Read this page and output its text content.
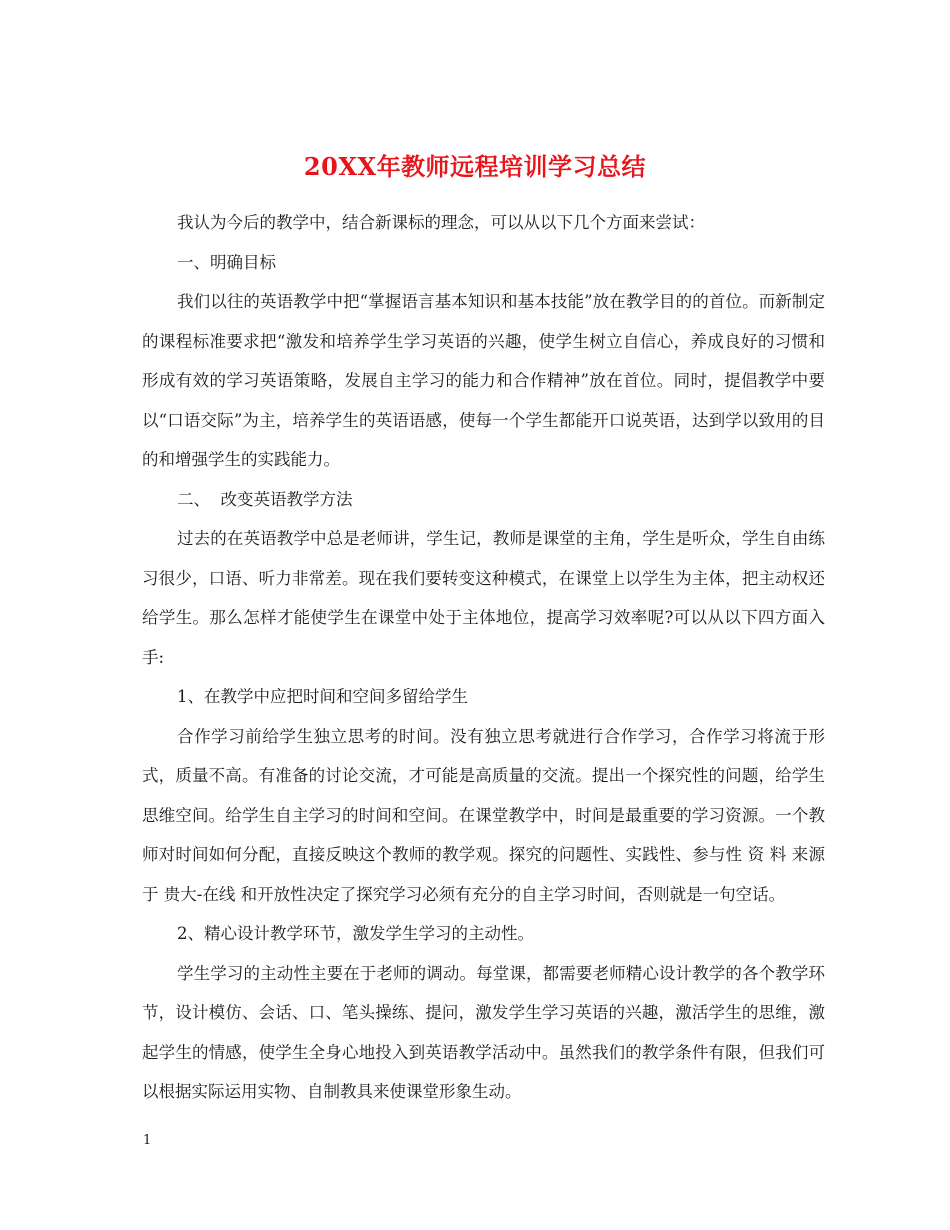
20XX年教师远程培训学习总结

我认为今后的教学中，结合新课标的理念，可以从以下几个方面来尝试：

一、明确目标

我们以往的英语教学中把“掌握语言基本知识和基本技能”放在教学目的的首位。而新制定的课程标准要求把“激发和培养学生学习英语的兴趣，使学生树立自信心，养成良好的习惯和形成有效的学习英语策略，发展自主学习的能力和合作精神”放在首位。同时，提倡教学中要以“口语交际”为主，培养学生的英语语感，使每一个学生都能开口说英语，达到学以致用的目的和增强学生的实践能力。

二、  改变英语教学方法

过去的在英语教学中总是老师讲，学生记，教师是课堂的主角，学生是听众，学生自由练习很少，口语、听力非常差。现在我们要转变这种模式，在课堂上以学生为主体，把主动权还给学生。那么怎样才能使学生在课堂中处于主体地位，提高学习效率呢?可以从以下四方面入手:

1、在教学中应把时间和空间多留给学生

合作学习前给学生独立思考的时间。没有独立思考就进行合作学习，合作学习将流于形式，质量不高。有准备的讨论交流，才可能是高质量的交流。提出一个探究性的问题，给学生思维空间。给学生自主学习的时间和空间。在课堂教学中，时间是最重要的学习资源。一个教师对时间如何分配，直接反映这个教师的教学观。探究的问题性、实践性、参与性 资 料 来源于 贵大-在线 和开放性决定了探究学习必须有充分的自主学习时间，否则就是一句空话。

2、精心设计教学环节，激发学生学习的主动性。

学生学习的主动性主要在于老师的调动。每堂课，都需要老师精心设计教学的各个教学环节，设计模仿、会话、口、笔头操练、提问，激发学生学习英语的兴趣，激活学生的思维，激起学生的情感，使学生全身心地投入到英语教学活动中。虽然我们的教学条件有限，但我们可以根据实际运用实物、自制教具来使课堂形象生动。

1
